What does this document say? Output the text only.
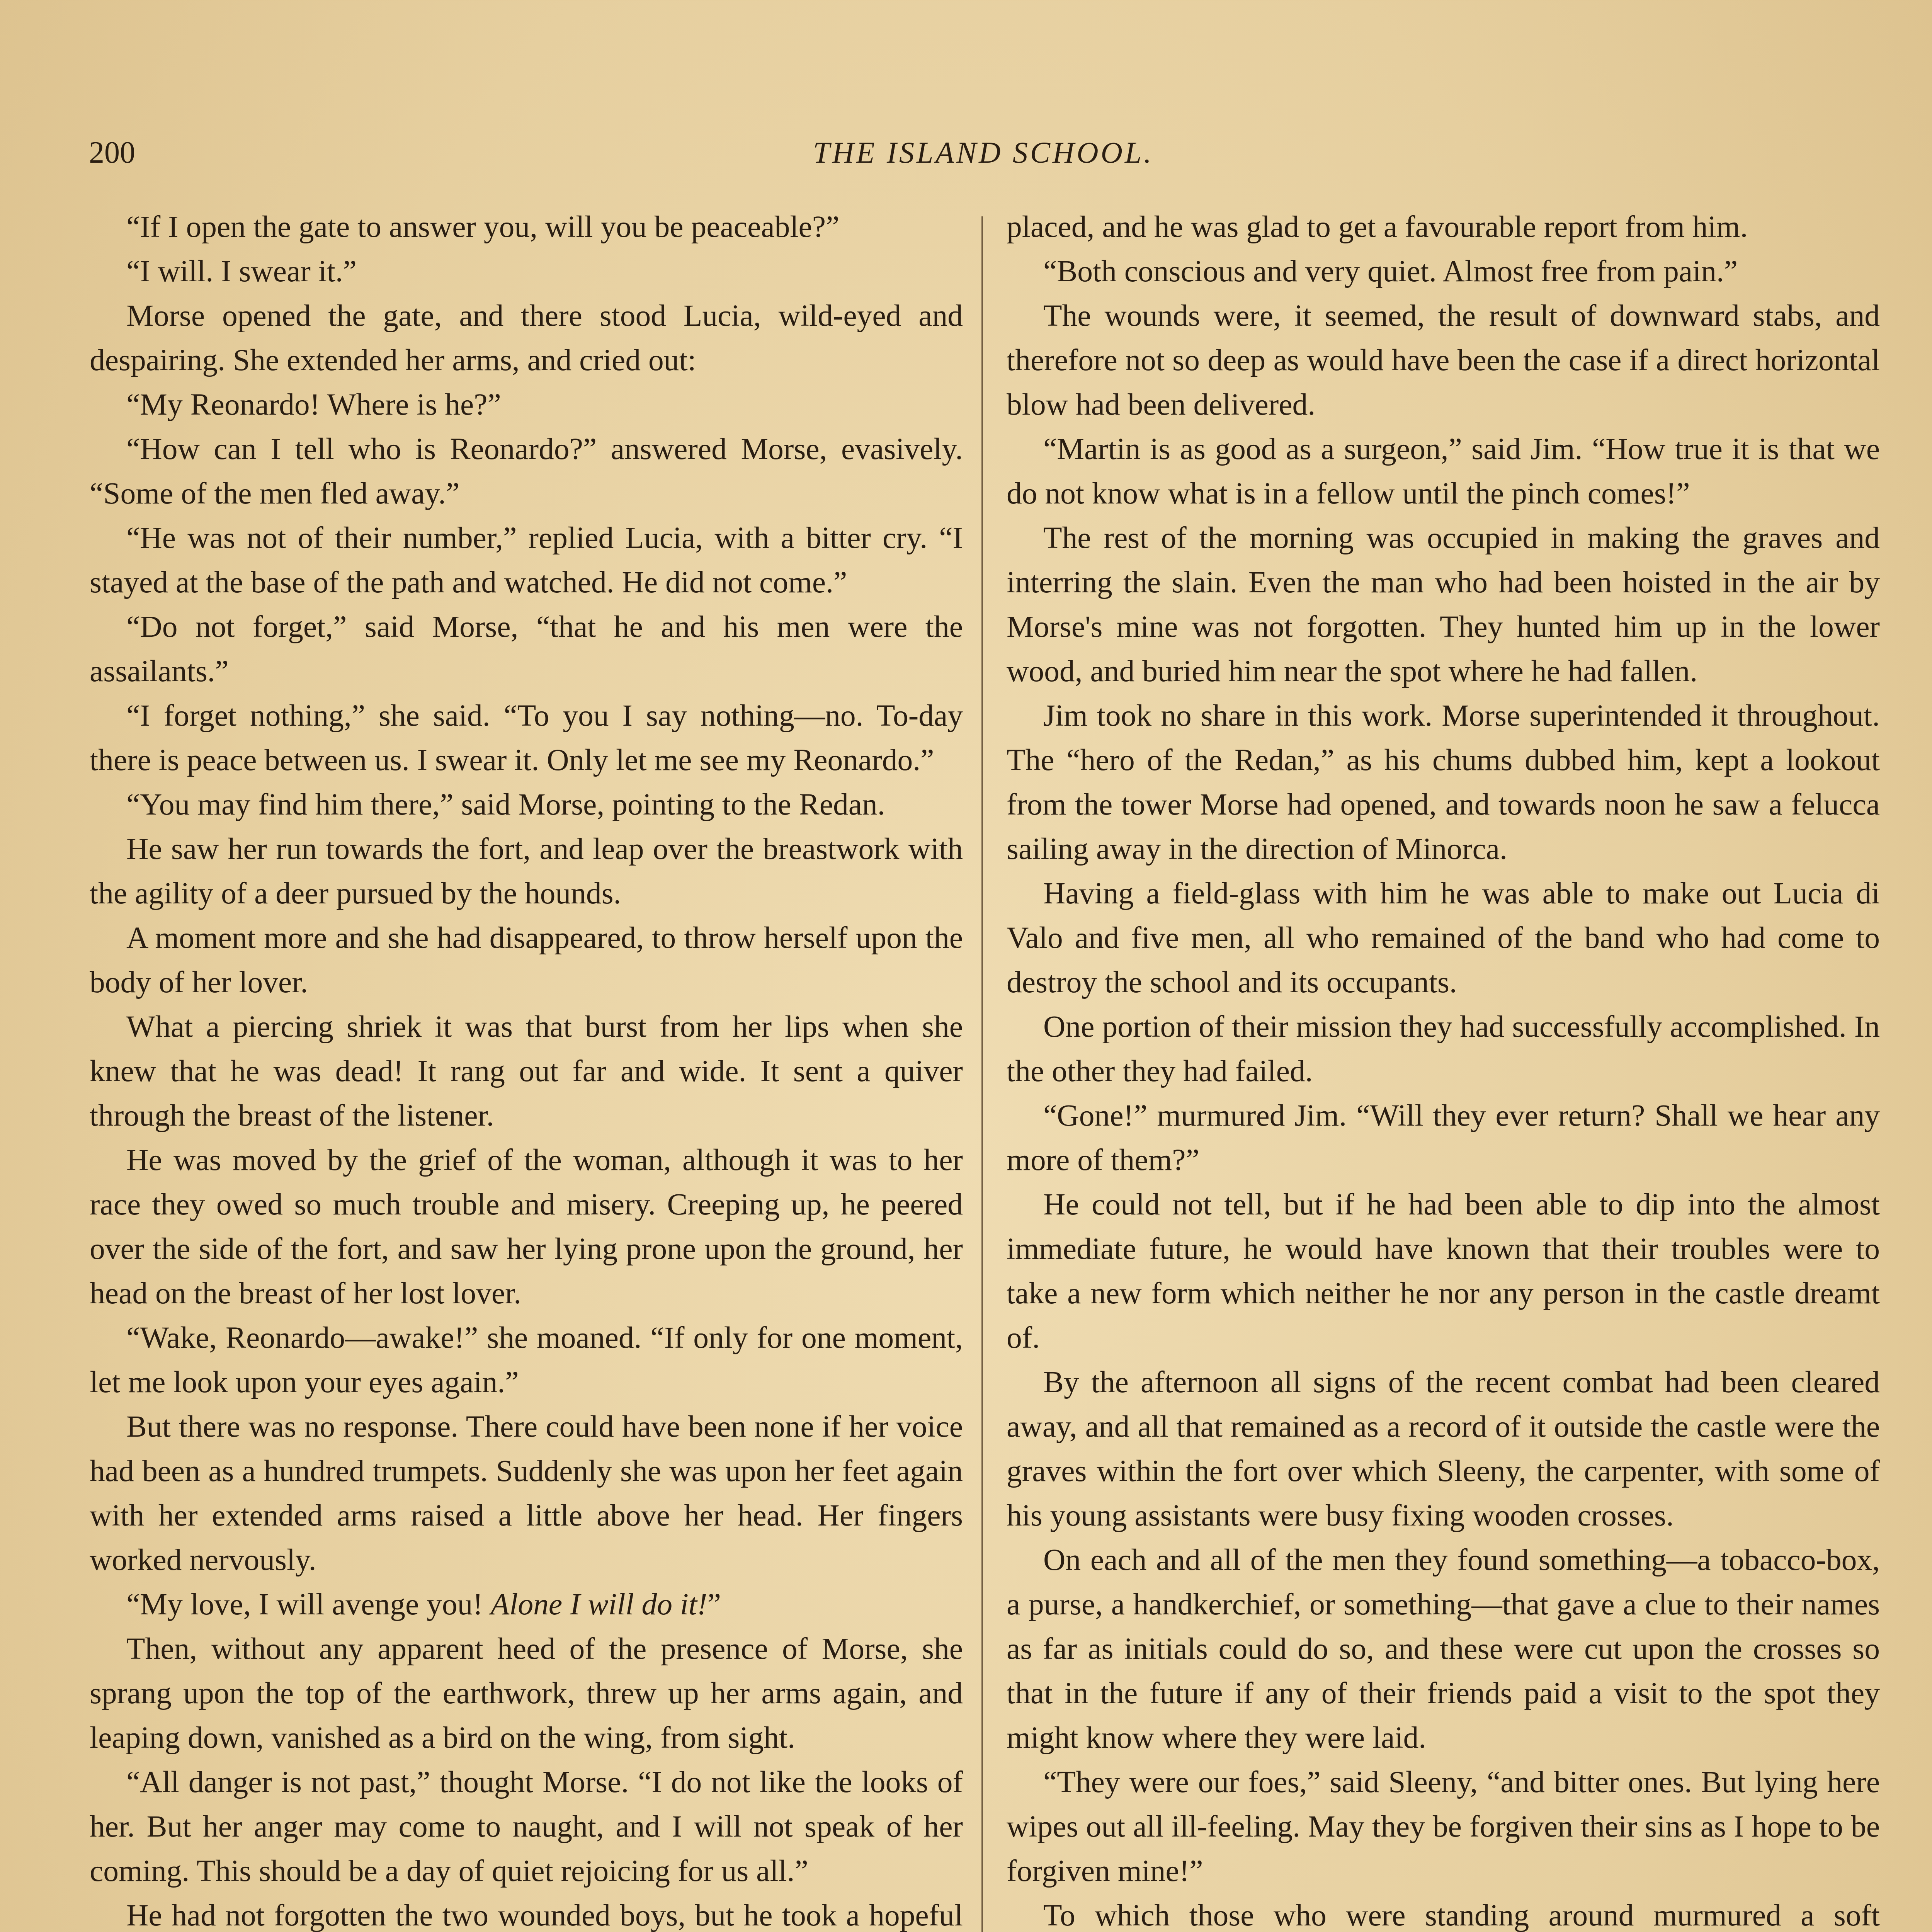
200	THE ISLAND SCHOOL.

“If I open the gate to answer you, will you be peaceable?”

“I will. I swear it.”

Morse opened the gate, and there stood Lucia, wild-eyed and despairing. She extended her arms, and cried out:

“My Reonardo! Where is he?”

“How can I tell who is Reonardo?” answered Morse, evasively. “Some of the men fled away.”

“He was not of their number,” replied Lucia, with a bitter cry. “I stayed at the base of the path and watched. He did not come.”

“Do not forget,” said Morse, “that he and his men were the assailants.”

“I forget nothing,” she said. “To you I say nothing—no. To-day there is peace between us. I swear it. Only let me see my Reonardo.”

“You may find him there,” said Morse, pointing to the Redan.

He saw her run towards the fort, and leap over the breastwork with the agility of a deer pursued by the hounds.

A moment more and she had disappeared, to throw herself upon the body of her lover.

What a piercing shriek it was that burst from her lips when she knew that he was dead! It rang out far and wide. It sent a quiver through the breast of the listener.

He was moved by the grief of the woman, although it was to her race they owed so much trouble and misery. Creeping up, he peered over the side of the fort, and saw her lying prone upon the ground, her head on the breast of her lost lover.

“Wake, Reonardo—awake!” she moaned. “If only for one moment, let me look upon your eyes again.”

But there was no response. There could have been none if her voice had been as a hundred trumpets. Suddenly she was upon her feet again with her extended arms raised a little above her head. Her fingers worked nervously.

“My love, I will avenge you! Alone I will do it!”

Then, without any apparent heed of the presence of Morse, she sprang upon the top of the earthwork, threw up her arms again, and leaping down, vanished as a bird on the wing, from sight.

“All danger is not past,” thought Morse. “I do not like the looks of her. But her anger may come to naught, and I will not speak of her coming. This should be a day of quiet rejoicing for us all.”

He had not forgotten the two wounded boys, but he took a hopeful

placed, and he was glad to get a favourable report from him.

“Both conscious and very quiet. Almost free from pain.”

The wounds were, it seemed, the result of downward stabs, and therefore not so deep as would have been the case if a direct horizontal blow had been delivered.

“Martin is as good as a surgeon,” said Jim. “How true it is that we do not know what is in a fellow until the pinch comes!”

The rest of the morning was occupied in making the graves and interring the slain. Even the man who had been hoisted in the air by Morse's mine was not forgotten. They hunted him up in the lower wood, and buried him near the spot where he had fallen.

Jim took no share in this work. Morse superintended it throughout. The “hero of the Redan,” as his chums dubbed him, kept a lookout from the tower Morse had opened, and towards noon he saw a felucca sailing away in the direction of Minorca.

Having a field-glass with him he was able to make out Lucia di Valo and five men, all who remained of the band who had come to destroy the school and its occupants.

One portion of their mission they had successfully accomplished. In the other they had failed.

“Gone!” murmured Jim. “Will they ever return? Shall we hear any more of them?”

He could not tell, but if he had been able to dip into the almost immediate future, he would have known that their troubles were to take a new form which neither he nor any person in the castle dreamt of.

By the afternoon all signs of the recent combat had been cleared away, and all that remained as a record of it outside the castle were the graves within the fort over which Sleeny, the carpenter, with some of his young assistants were busy fixing wooden crosses.

On each and all of the men they found something—a tobacco-box, a purse, a handkerchief, or something—that gave a clue to their names as far as initials could do so, and these were cut upon the crosses so that in the future if any of their friends paid a visit to the spot they might know where they were laid.

“They were our foes,” said Sleeny, “and bitter ones. But lying here wipes out all ill-feeling. May they be forgiven their sins as I hope to be forgiven mine!”

To which those who were standing around murmured a soft
